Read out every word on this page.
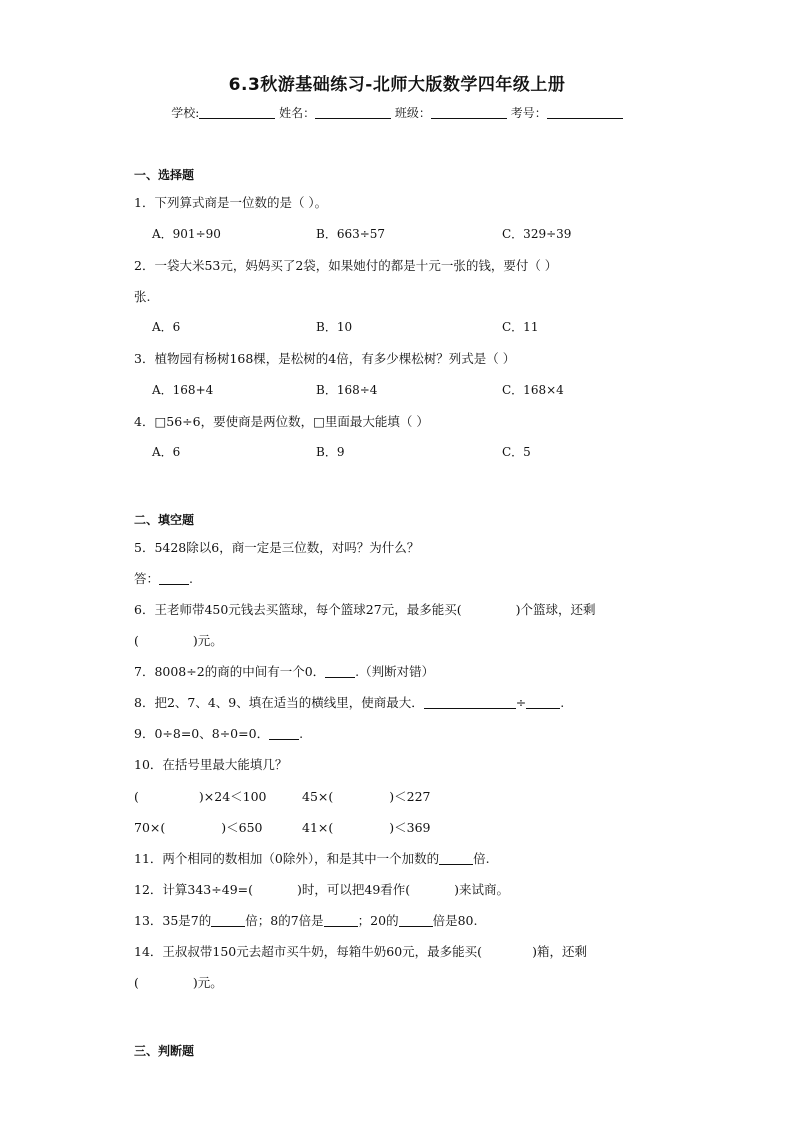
6.3秋游基础练习-北师大版数学四年级上册
学校:	姓名：	班级：	考号：
一、选择题
1．下列算式商是一位数的是（ ）。
A．901÷90	B．663÷57	C．329÷39
2．一袋大米53元，妈妈买了2袋，如果她付的都是十元一张的钱，要付（ ）
张.
A．6	B．10	C．11
3．植物园有杨树168棵，是松树的4倍，有多少棵松树？列式是（ ）
A．168+4	B．168÷4	C．168×4
4．□56÷6，要使商是两位数，□里面最大能填（ ）
A．6	B．9	C．5
二、填空题
5．5428除以6，商一定是三位数，对吗？为什么？
答： .
6．王老师带450元钱去买篮球，每个篮球27元，最多能买(	)个篮球，还剩
(	)元。
7．8008÷2的商的中间有一个0． .（判断对错）
8．把2、7、4、9、填在适当的横线里，使商最大．	÷	.
9．0÷8=0、8÷0=0． .
10．在括号里最大能填几？
(	)×24＜100	45×(	)＜227
70×(	)＜650	41×(	)＜369
11．两个相同的数相加（0除外），和是其中一个加数的	倍.
12．计算343÷49=(	)时，可以把49看作(	)来试商。
13．35是7的	倍；8的7倍是	；20的	倍是80.
14．王叔叔带150元去超市买牛奶，每箱牛奶60元，最多能买(	)箱，还剩
(	)元。
三、判断题
